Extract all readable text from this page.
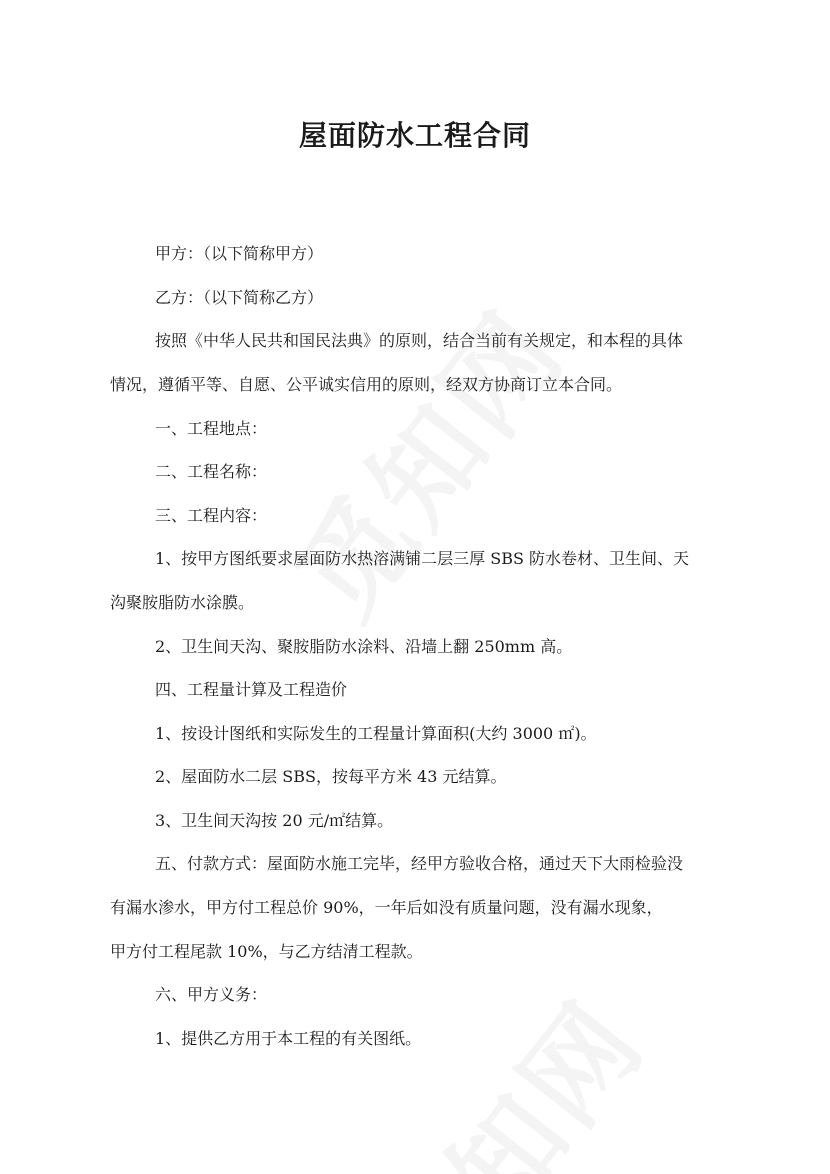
屋面防水工程合同

甲方：（以下简称甲方）

乙方：（以下简称乙方）

按照《中华人民共和国民法典》的原则，结合当前有关规定，和本程的具体

情况，遵循平等、自愿、公平诚实信用的原则，经双方协商订立本合同。

一、工程地点：

二、工程名称：

三、工程内容：

1、按甲方图纸要求屋面防水热溶满铺二层三厚 SBS 防水卷材、卫生间、天

沟聚胺脂防水涂膜。

2、卫生间天沟、聚胺脂防水涂料、沿墙上翻 250mm 高。

四、工程量计算及工程造价

1、按设计图纸和实际发生的工程量计算面积(大约 3000 ㎡)。

2、屋面防水二层 SBS，按每平方米 43 元结算。

3、卫生间天沟按 20 元/㎡结算。

五、付款方式：屋面防水施工完毕，经甲方验收合格，通过天下大雨检验没

有漏水渗水，甲方付工程总价 90%，一年后如没有质量问题，没有漏水现象，

甲方付工程尾款 10%，与乙方结清工程款。

六、甲方义务：

1、提供乙方用于本工程的有关图纸。
